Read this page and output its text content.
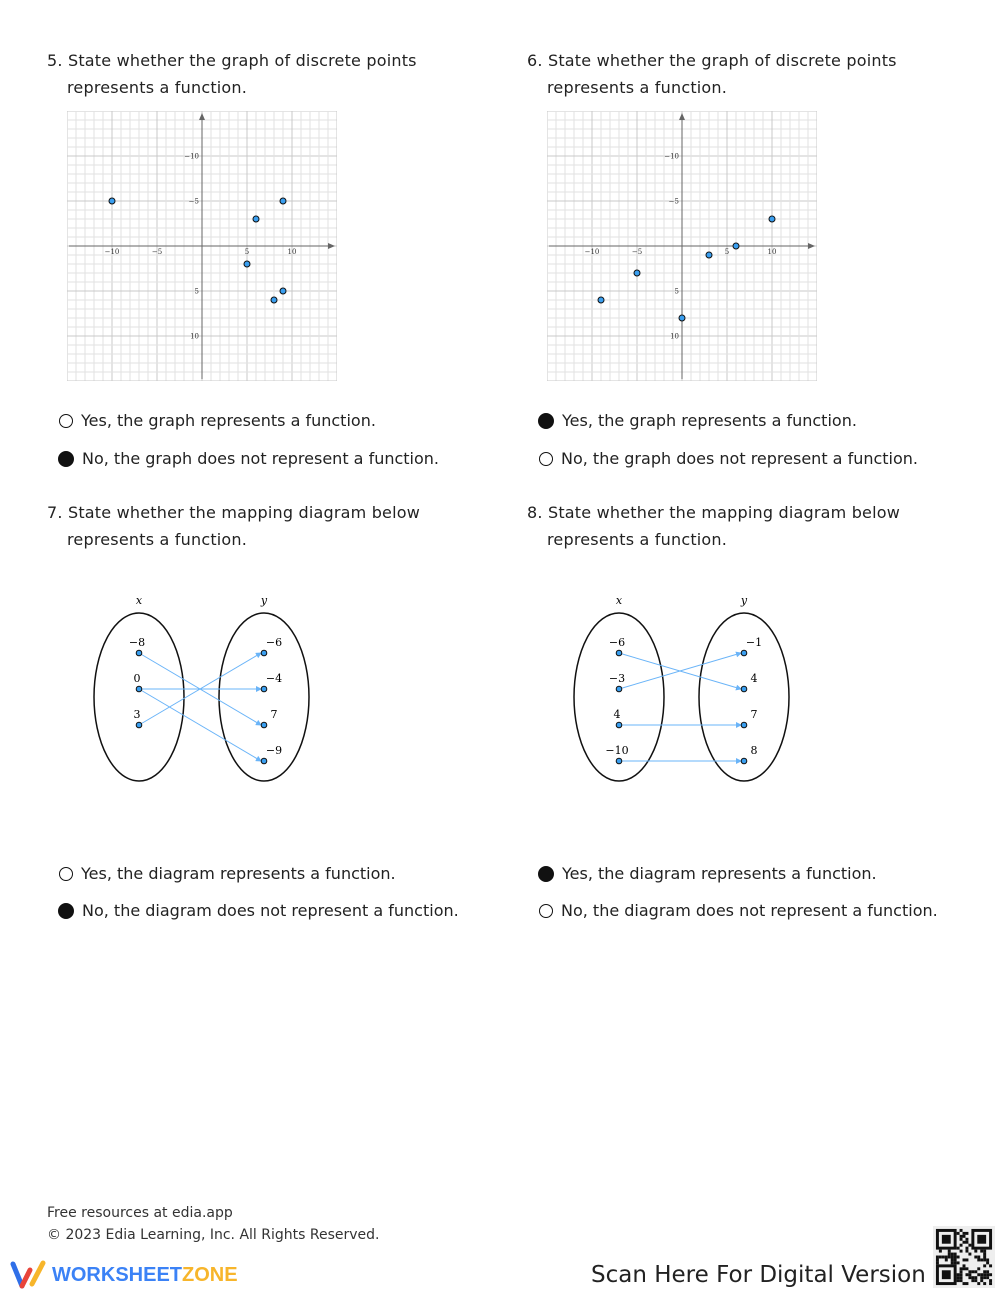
5. State whether the graph of discrete points
represents a function.
−10
10
−5
5
5
−5
10
−10
Yes, the graph represents a function.
No, the graph does not represent a function.
6. State whether the graph of discrete points
represents a function.
−10
10
−5
5
5
−5
10
−10
Yes, the graph represents a function.
No, the graph does not represent a function.
7. State whether the mapping diagram below
represents a function.
x	y
−8
0
3
−6
−4
7
−9
Yes, the diagram represents a function.
No, the diagram does not represent a function.
8. State whether the mapping diagram below
represents a function.
x	y
−6
−3
4
−10
−1
4
7
8
Yes, the diagram represents a function.
No, the diagram does not represent a function.
Free resources at edia.app
© 2023 Edia Learning, Inc. All Rights Reserved.
WORKSHEET ZONE	Scan Here For Digital Version
